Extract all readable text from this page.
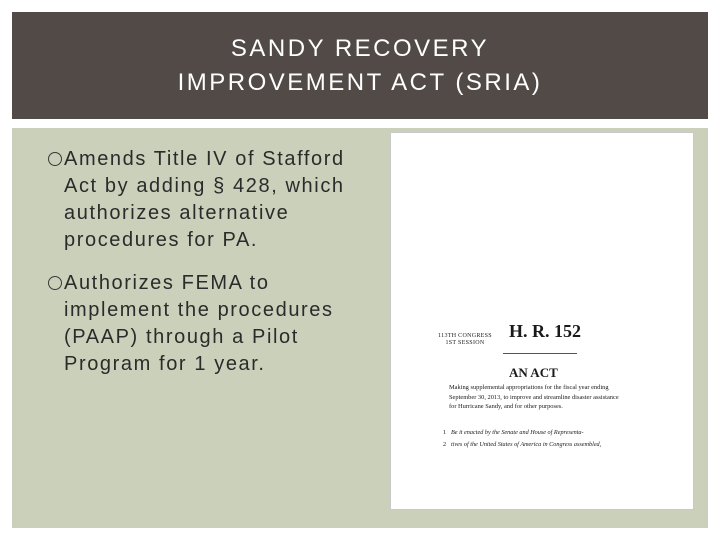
SANDY RECOVERY
IMPROVEMENT ACT (SRIA)
Amends Title IV of Stafford Act by adding § 428, which authorizes alternative procedures for PA.
Authorizes FEMA to implement the procedures (PAAP) through a Pilot Program for 1 year.
113TH CONGRESS 1ST SESSION
H. R. 152
AN ACT
Making supplemental appropriations for the fiscal year ending September 30, 2013, to improve and streamline disaster assistance for Hurricane Sandy, and for other purposes.
1 Be it enacted by the Senate and House of Representa-
2 tives of the United States of America in Congress assembled,
